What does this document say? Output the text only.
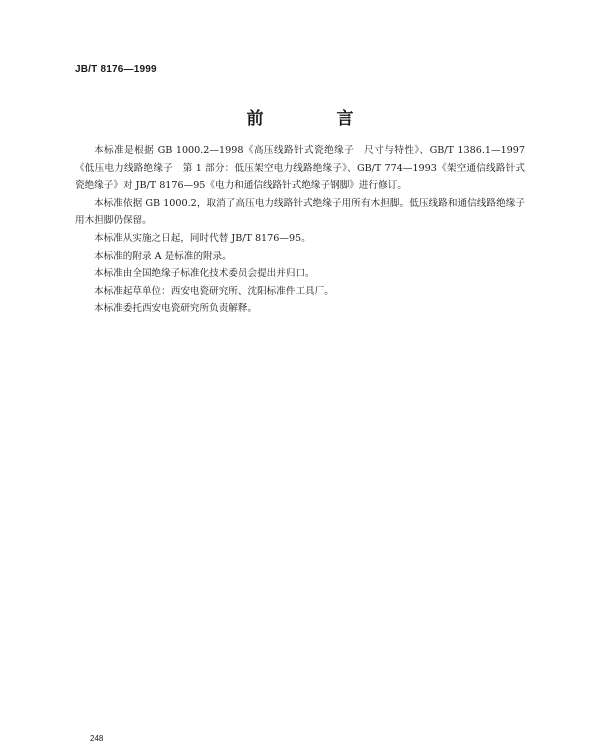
JB/T 8176—1999
前　言

本标准是根据 GB 1000.2—1998《高压线路针式瓷绝缘子　尺寸与特性》、GB/T 1386.1—1997《低压电力线路绝缘子　第 1 部分：低压架空电力线路绝缘子》、GB/T 774—1993《架空通信线路针式瓷绝缘子》对 JB/T 8176—95《电力和通信线路针式绝缘子钢脚》进行修订。

本标准依据 GB 1000.2，取消了高压电力线路针式绝缘子用所有木担脚。低压线路和通信线路绝缘子用木担脚仍保留。

本标准从实施之日起，同时代替 JB/T 8176—95。

本标准的附录 A 是标准的附录。

本标准由全国绝缘子标准化技术委员会提出并归口。

本标准起草单位：西安电瓷研究所、沈阳标准件工具厂。

本标准委托西安电瓷研究所负责解释。

248
